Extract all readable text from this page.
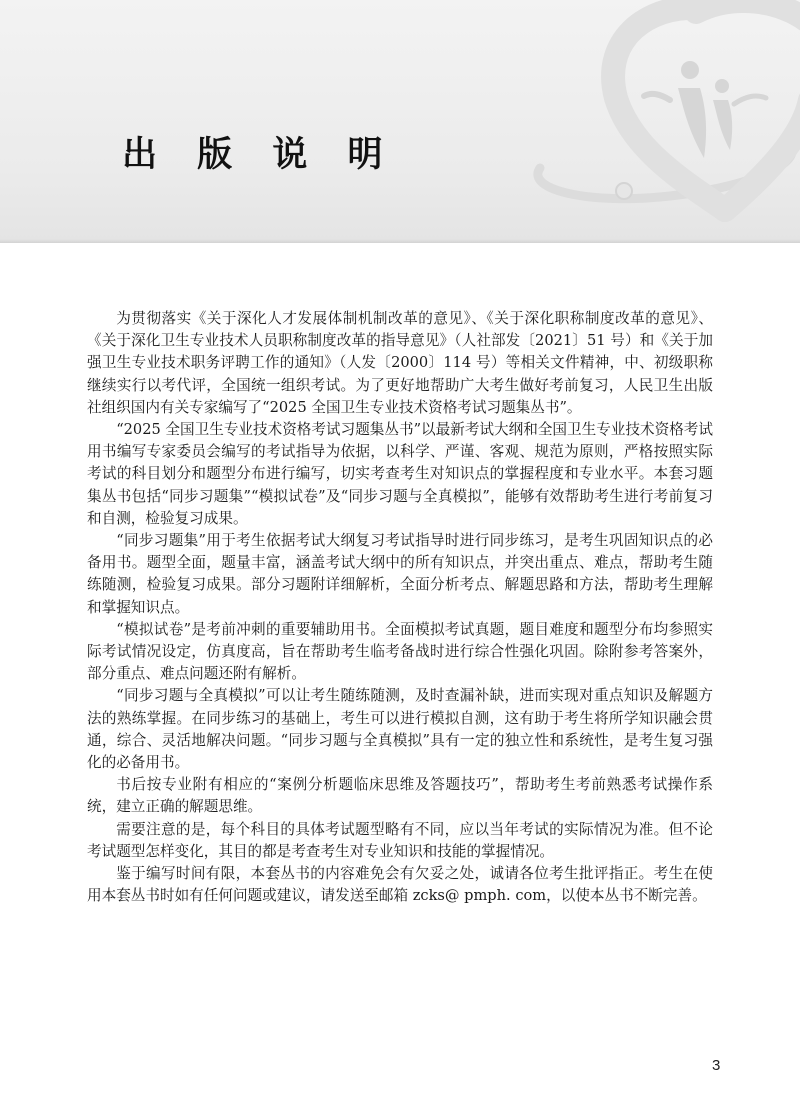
出 版 说 明

为贯彻落实《关于深化人才发展体制机制改革的意见》、《关于深化职称制度改革的意见》、《关于深化卫生专业技术人员职称制度改革的指导意见》（人社部发〔2021〕51 号）和《关于加强卫生专业技术职务评聘工作的通知》（人发〔2000〕114 号）等相关文件精神，中、初级职称继续实行以考代评，全国统一组织考试。为了更好地帮助广大考生做好考前复习，人民卫生出版社组织国内有关专家编写了“2025 全国卫生专业技术资格考试习题集丛书”。

“2025 全国卫生专业技术资格考试习题集丛书”以最新考试大纲和全国卫生专业技术资格考试用书编写专家委员会编写的考试指导为依据，以科学、严谨、客观、规范为原则，严格按照实际考试的科目划分和题型分布进行编写，切实考查考生对知识点的掌握程度和专业水平。本套习题集丛书包括“同步习题集”“模拟试卷”及“同步习题与全真模拟”，能够有效帮助考生进行考前复习和自测，检验复习成果。

“同步习题集”用于考生依据考试大纲复习考试指导时进行同步练习，是考生巩固知识点的必备用书。题型全面，题量丰富，涵盖考试大纲中的所有知识点，并突出重点、难点，帮助考生随练随测，检验复习成果。部分习题附详细解析，全面分析考点、解题思路和方法，帮助考生理解和掌握知识点。

“模拟试卷”是考前冲刺的重要辅助用书。全面模拟考试真题，题目难度和题型分布均参照实际考试情况设定，仿真度高，旨在帮助考生临考备战时进行综合性强化巩固。除附参考答案外，部分重点、难点问题还附有解析。

“同步习题与全真模拟”可以让考生随练随测，及时查漏补缺，进而实现对重点知识及解题方法的熟练掌握。在同步练习的基础上，考生可以进行模拟自测，这有助于考生将所学知识融会贯通，综合、灵活地解决问题。“同步习题与全真模拟”具有一定的独立性和系统性，是考生复习强化的必备用书。

书后按专业附有相应的“案例分析题临床思维及答题技巧”，帮助考生考前熟悉考试操作系统，建立正确的解题思维。

需要注意的是，每个科目的具体考试题型略有不同，应以当年考试的实际情况为准。但不论考试题型怎样变化，其目的都是考查考生对专业知识和技能的掌握情况。

鉴于编写时间有限，本套丛书的内容难免会有欠妥之处，诚请各位考生批评指正。考生在使用本套丛书时如有任何问题或建议，请发送至邮箱 zcks@ pmph. com，以使本丛书不断完善。

3
